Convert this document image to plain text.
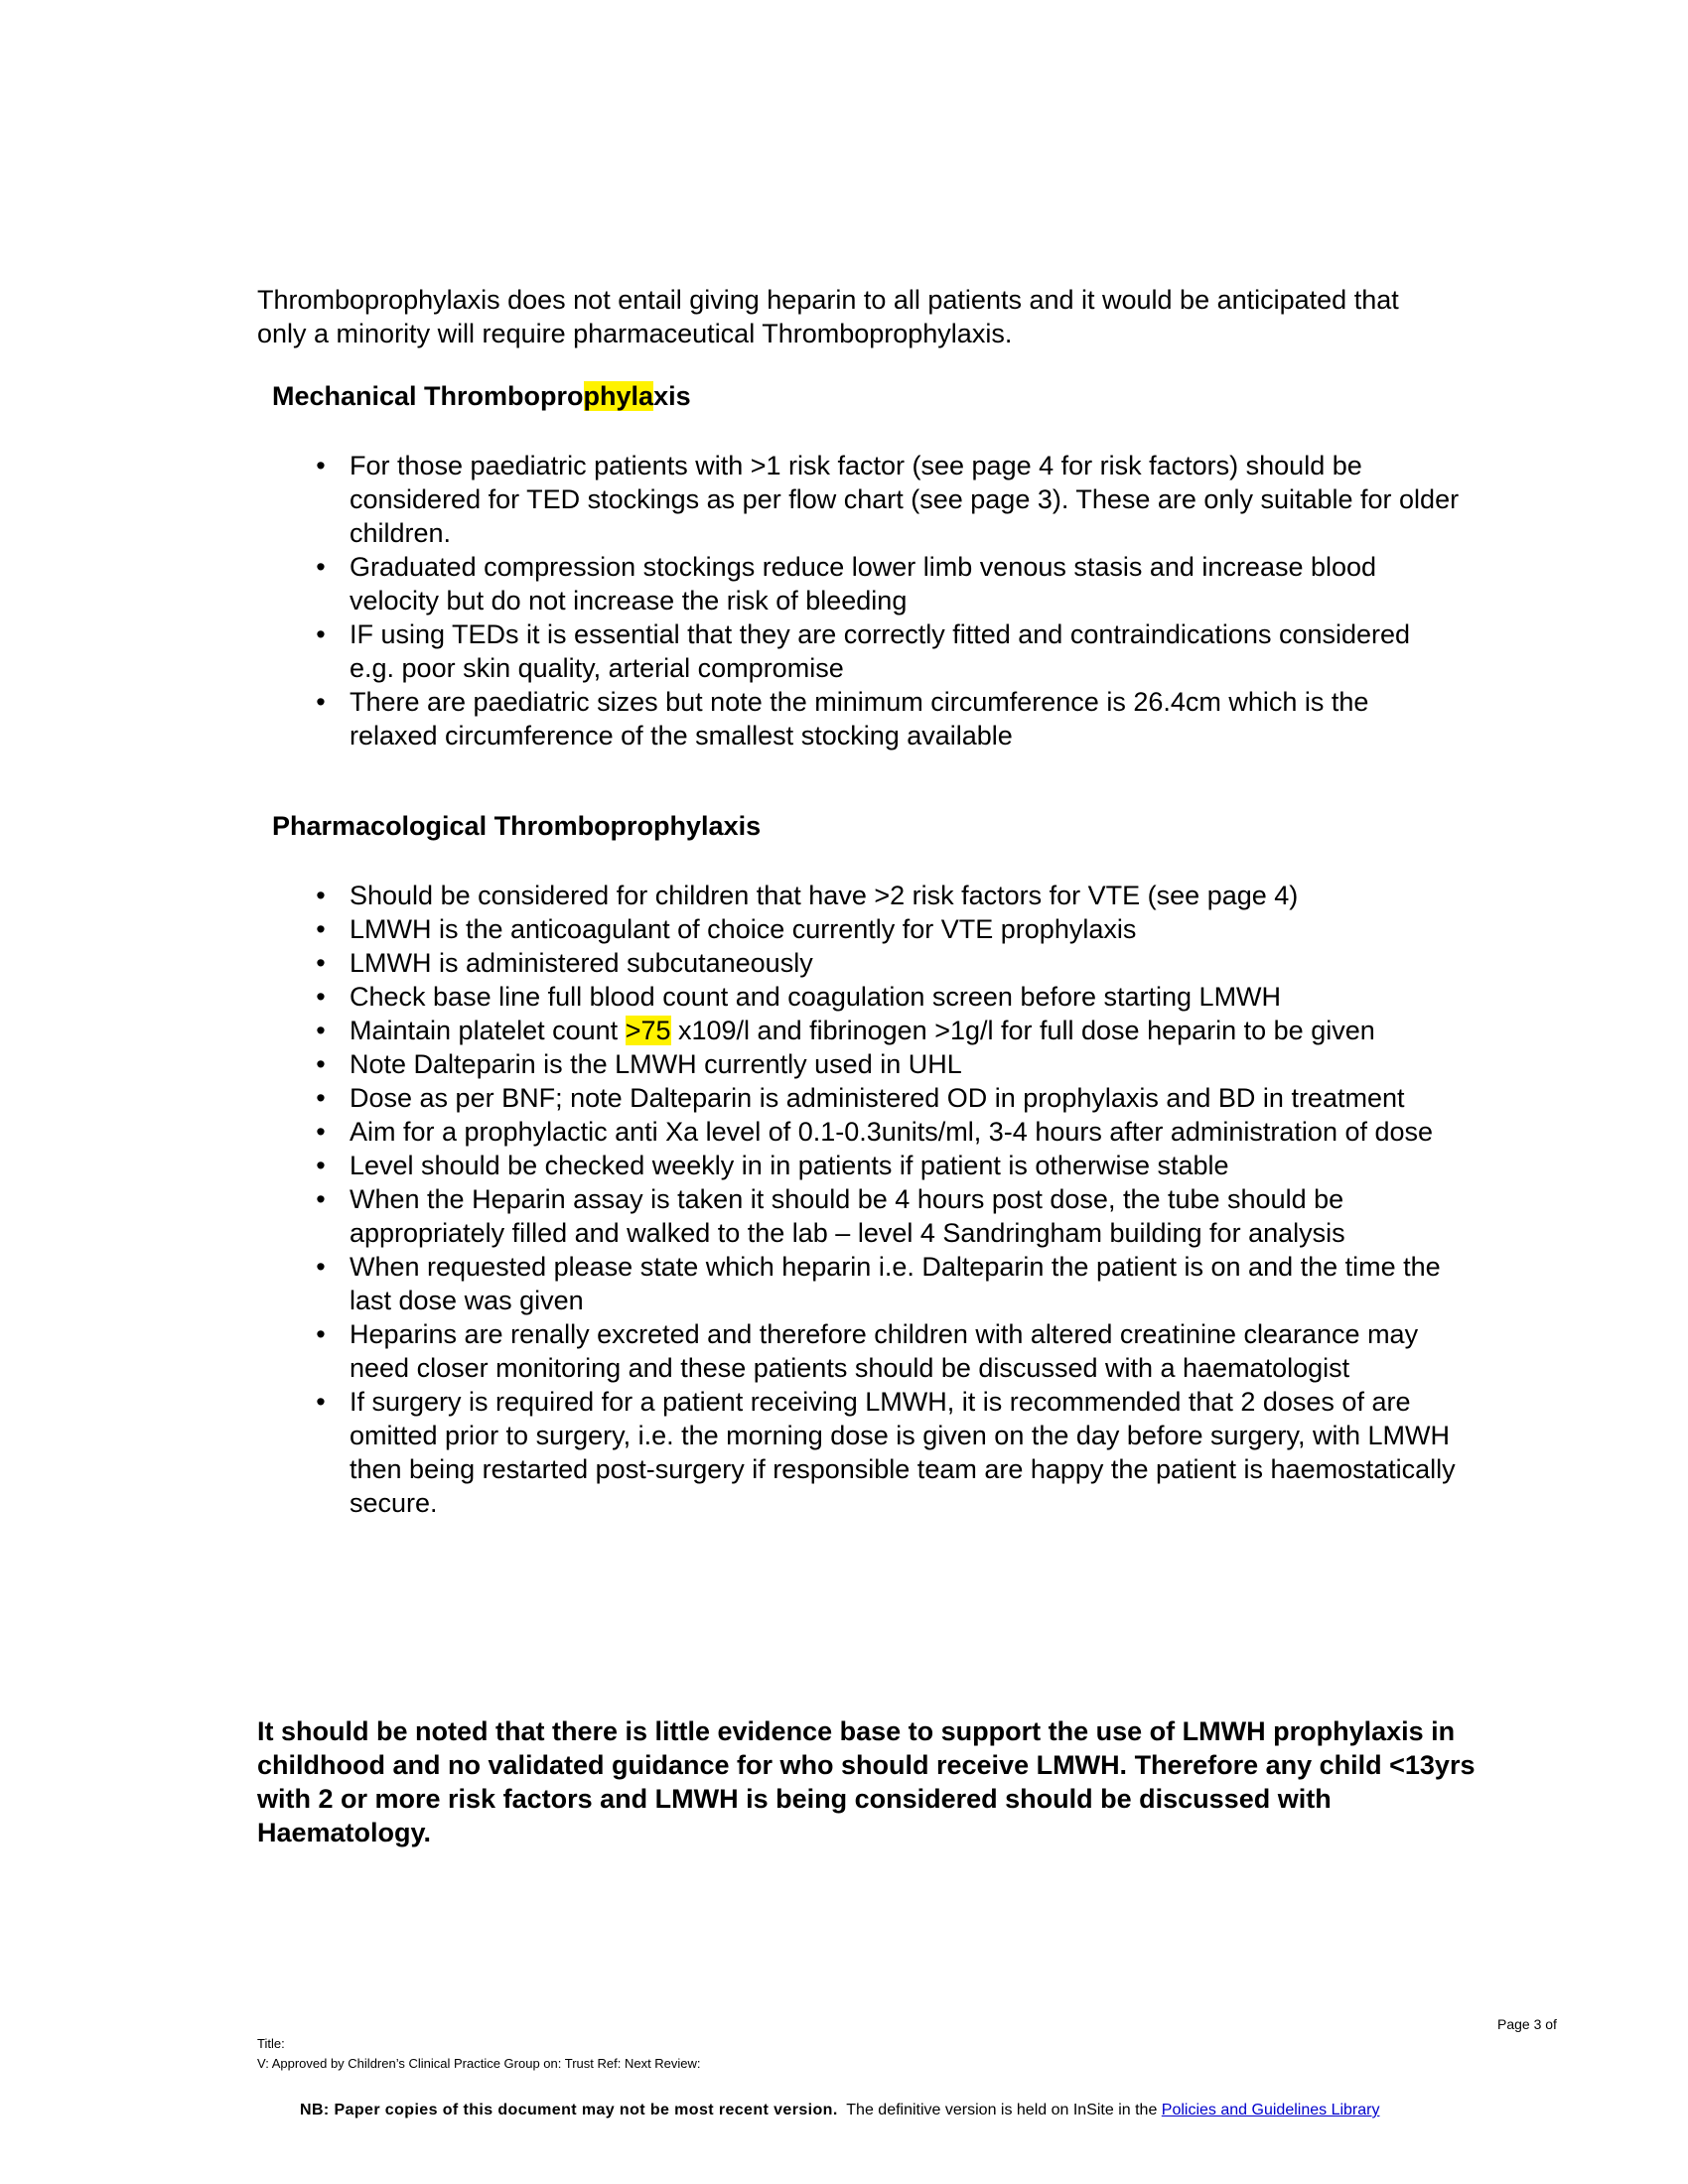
Thromboprophylaxis does not entail giving heparin to all patients and it would be anticipated that only a minority will require pharmaceutical Thromboprophylaxis.

Mechanical Thromboprophylaxis
• For those paediatric patients with >1 risk factor (see page 4 for risk factors) should be considered for TED stockings as per flow chart (see page 3). These are only suitable for older children.
• Graduated compression stockings reduce lower limb venous stasis and increase blood velocity but do not increase the risk of bleeding
• IF using TEDs it is essential that they are correctly fitted and contraindications considered e.g. poor skin quality, arterial compromise
• There are paediatric sizes but note the minimum circumference is 26.4cm which is the relaxed circumference of the smallest stocking available
Pharmacological Thromboprophylaxis
• Should be considered for children that have >2 risk factors for VTE (see page 4)
• LMWH is the anticoagulant of choice currently for VTE prophylaxis
• LMWH is administered subcutaneously
• Check base line full blood count and coagulation screen before starting LMWH
• Maintain platelet count >75 x109/l and fibrinogen >1g/l for full dose heparin to be given
• Note Dalteparin is the LMWH currently used in UHL
• Dose as per BNF; note Dalteparin is administered OD in prophylaxis and BD in treatment
• Aim for a prophylactic anti Xa level of 0.1-0.3units/ml, 3-4 hours after administration of dose
• Level should be checked weekly in in patients if patient is otherwise stable
• When the Heparin assay is taken it should be 4 hours post dose, the tube should be appropriately filled and walked to the lab – level 4 Sandringham building for analysis
• When requested please state which heparin i.e. Dalteparin the patient is on and the time the last dose was given
• Heparins are renally excreted and therefore children with altered creatinine clearance may need closer monitoring and these patients should be discussed with a haematologist
• If surgery is required for a patient receiving LMWH, it is recommended that 2 doses of are omitted prior to surgery, i.e. the morning dose is given on the day before surgery, with LMWH then being restarted post-surgery if responsible team are happy the patient is haemostatically secure.

It should be noted that there is little evidence base to support the use of LMWH prophylaxis in childhood and no validated guidance for who should receive LMWH. Therefore any child <13yrs with 2 or more risk factors and LMWH is being considered should be discussed with Haematology.

Page 3 of
Title:
V: Approved by Children’s Clinical Practice Group on: Trust Ref: Next Review:
NB: Paper copies of this document may not be most recent version.  The definitive version is held on InSite in the Policies and Guidelines Library
